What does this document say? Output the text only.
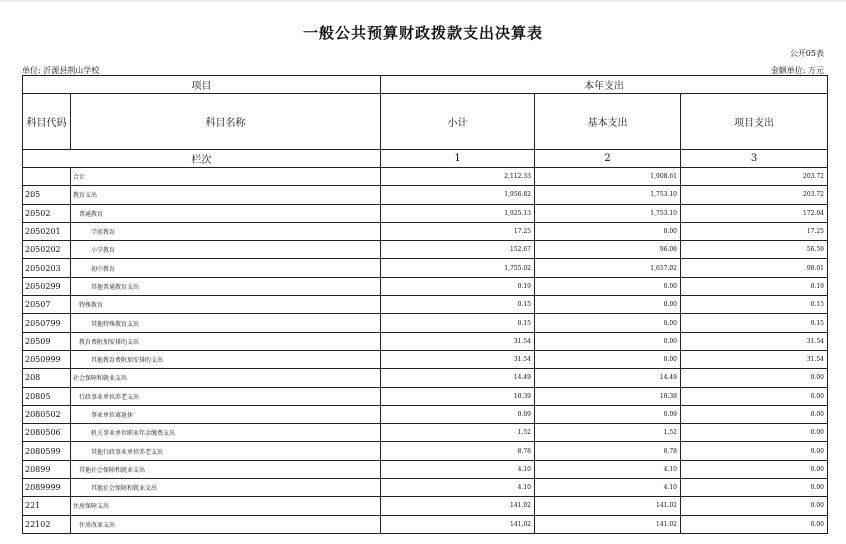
一般公共预算财政拨款支出决算表
公开05表
单位: 沂源县荆山学校	金额单位: 万元
项目		本年支出		
科目代码	科目名称	小计	基本支出	项目支出
栏次		1	2	3
	合计	2,112.33	1,908.61	203.72
205	教育支出	1,956.82	1,753.10	203.72
20502	普通教育	1,925.13	1,753.10	172.04
2050201	学前教育	17.25	0.00	17.25
2050202	小学教育	152.67	96.08	56.59
2050203	初中教育	1,755.02	1,657.02	98.01
2050299	其他普通教育支出	0.19	0.00	0.19
20507	特殊教育	0.15	0.00	0.15
2050799	其他特殊教育支出	0.15	0.00	0.15
20509	教育费附加安排的支出	31.54	0.00	31.54
2050999	其他教育费附加安排的支出	31.54	0.00	31.54
208	社会保障和就业支出	14.49	14.49	0.00
20805	行政事业单位养老支出	10.39	10.39	0.00
2080502	事业单位离退休	0.09	0.09	0.00
2080506	机关事业单位职业年金缴费支出	1.52	1.52	0.00
2080599	其他行政事业单位养老支出	8.78	8.78	0.00
20899	其他社会保障和就业支出	4.10	4.10	0.00
2089999	其他社会保障和就业支出	4.10	4.10	0.00
221	住房保障支出	141.02	141.02	0.00
22102	住房改革支出	141.02	141.02	0.00
